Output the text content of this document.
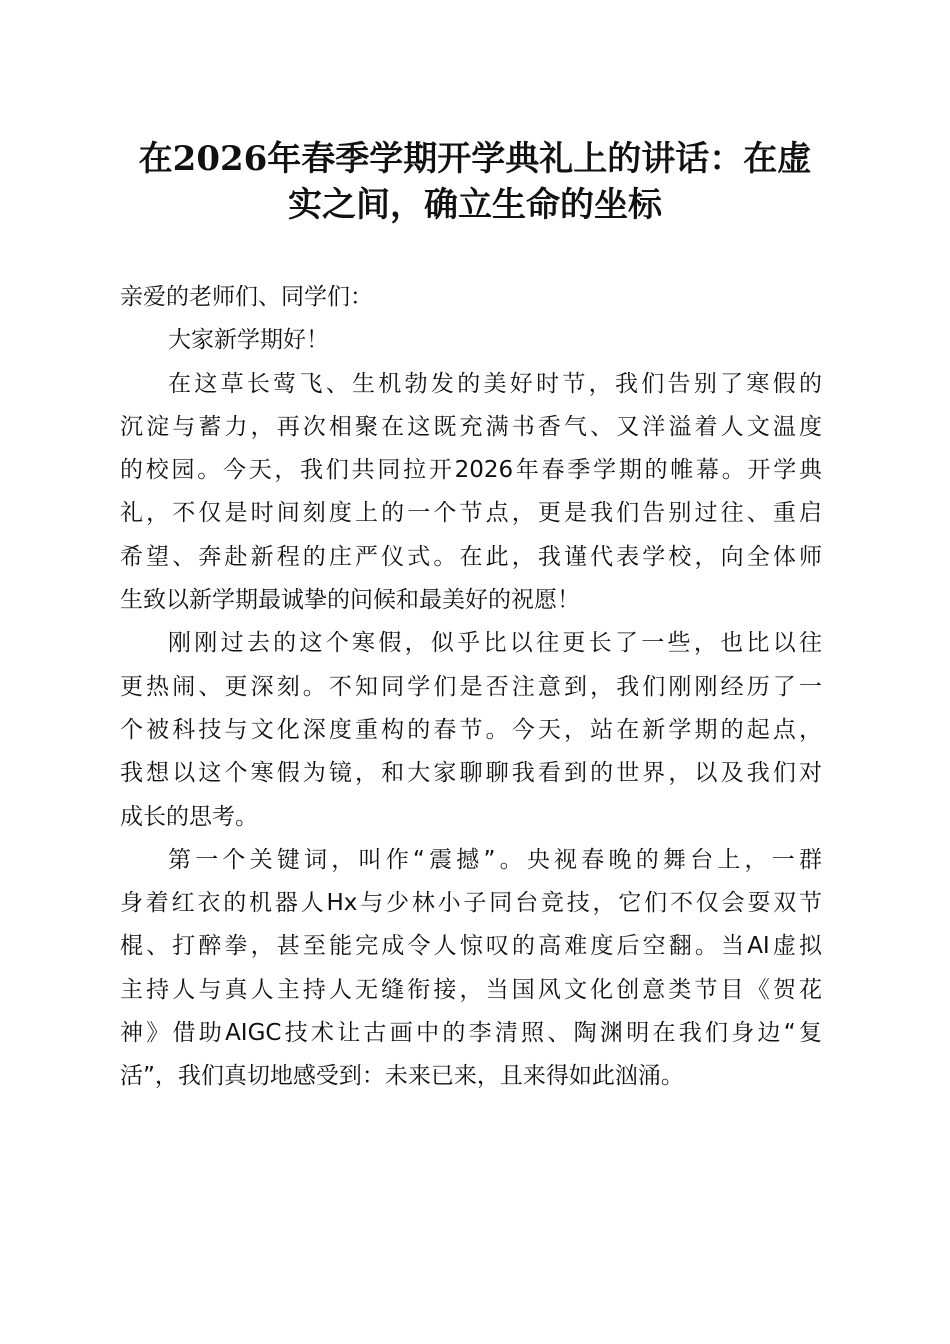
在2026年春季学期开学典礼上的讲话：在虚
实之间，确立生命的坐标
亲爱的老师们、同学们：
大家新学期好！
在这草长莺飞、生机勃发的美好时节，我们告别了寒假的
沉淀与蓄力，再次相聚在这既充满书香气、又洋溢着人文温度
的校园。今天，我们共同拉开2026年春季学期的帷幕。开学典
礼，不仅是时间刻度上的一个节点，更是我们告别过往、重启
希望、奔赴新程的庄严仪式。在此，我谨代表学校，向全体师
生致以新学期最诚挚的问候和最美好的祝愿！
刚刚过去的这个寒假，似乎比以往更长了一些，也比以往
更热闹、更深刻。不知同学们是否注意到，我们刚刚经历了一
个被科技与文化深度重构的春节。今天，站在新学期的起点，
我想以这个寒假为镜，和大家聊聊我看到的世界，以及我们对
成长的思考。
第一个关键词，叫作“震撼”。央视春晚的舞台上，一群
身着红衣的机器人Hx与少林小子同台竞技，它们不仅会耍双节
棍、打醉拳，甚至能完成令人惊叹的高难度后空翻。当AI虚拟
主持人与真人主持人无缝衔接，当国风文化创意类节目《贺花
神》借助AIGC技术让古画中的李清照、陶渊明在我们身边“复
活”，我们真切地感受到：未来已来，且来得如此汹涌。
